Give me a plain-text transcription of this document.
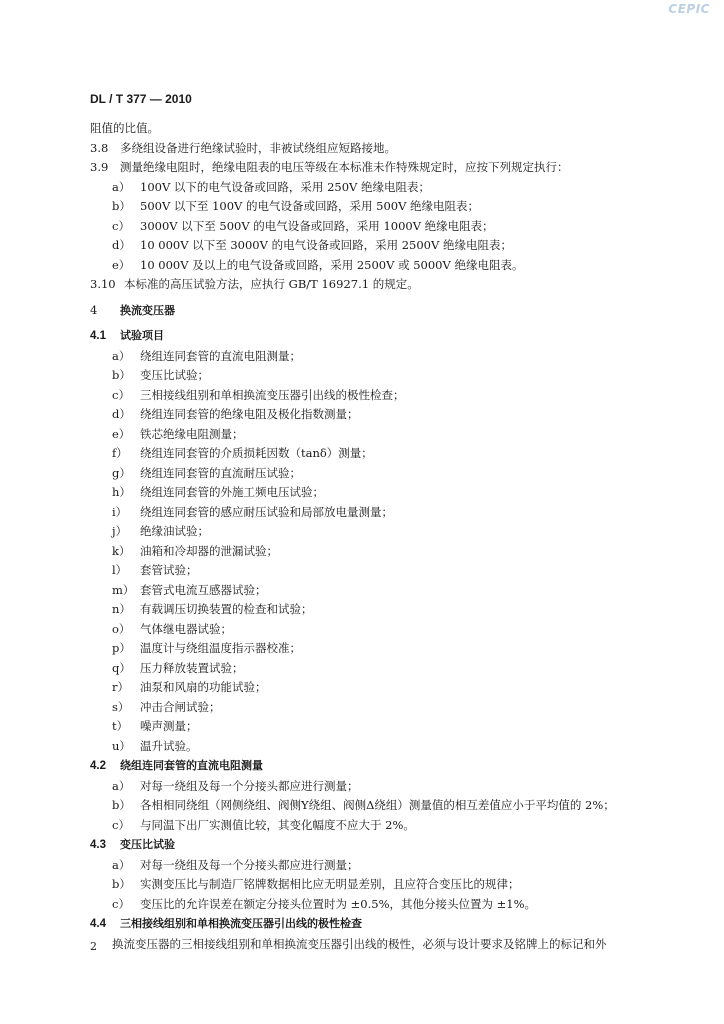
CEPIC
DL / T 377 — 2010
阻值的比值。
3.8 多绕组设备进行绝缘试验时，非被试绕组应短路接地。
3.9 测量绝缘电阻时，绝缘电阻表的电压等级在本标准未作特殊规定时，应按下列规定执行：
a） 100V 以下的电气设备或回路，采用 250V 绝缘电阻表；
b） 500V 以下至 100V 的电气设备或回路，采用 500V 绝缘电阻表；
c） 3000V 以下至 500V 的电气设备或回路，采用 1000V 绝缘电阻表；
d） 10 000V 以下至 3000V 的电气设备或回路，采用 2500V 绝缘电阻表；
e） 10 000V 及以上的电气设备或回路，采用 2500V 或 5000V 绝缘电阻表。
3.10 本标准的高压试验方法，应执行 GB/T 16927.1 的规定。
4 换流变压器
4.1 试验项目
a） 绕组连同套管的直流电阻测量；
b） 变压比试验；
c） 三相接线组别和单相换流变压器引出线的极性检查；
d） 绕组连同套管的绝缘电阻及极化指数测量；
e） 铁芯绝缘电阻测量；
f） 绕组连同套管的介质损耗因数（tanδ）测量；
g） 绕组连同套管的直流耐压试验；
h） 绕组连同套管的外施工频电压试验；
i） 绕组连同套管的感应耐压试验和局部放电量测量；
j） 绝缘油试验；
k） 油箱和冷却器的泄漏试验；
l） 套管试验；
m） 套管式电流互感器试验；
n） 有载调压切换装置的检查和试验；
o） 气体继电器试验；
p） 温度计与绕组温度指示器校准；
q） 压力释放装置试验；
r） 油泵和风扇的功能试验；
s） 冲击合闸试验；
t） 噪声测量；
u） 温升试验。
4.2 绕组连同套管的直流电阻测量
a） 对每一绕组及每一个分接头都应进行测量；
b） 各相相同绕组（网侧绕组、阀侧Y绕组、阀侧Δ绕组）测量值的相互差值应小于平均值的 2%；
c） 与同温下出厂实测值比较，其变化幅度不应大于 2%。
4.3 变压比试验
a） 对每一绕组及每一个分接头都应进行测量；
b） 实测变压比与制造厂铭牌数据相比应无明显差别，且应符合变压比的规律；
c） 变压比的允许误差在额定分接头位置时为 ±0.5%，其他分接头位置为 ±1%。
4.4 三相接线组别和单相换流变压器引出线的极性检查
换流变压器的三相接线组别和单相换流变压器引出线的极性，必须与设计要求及铭牌上的标记和外
2
